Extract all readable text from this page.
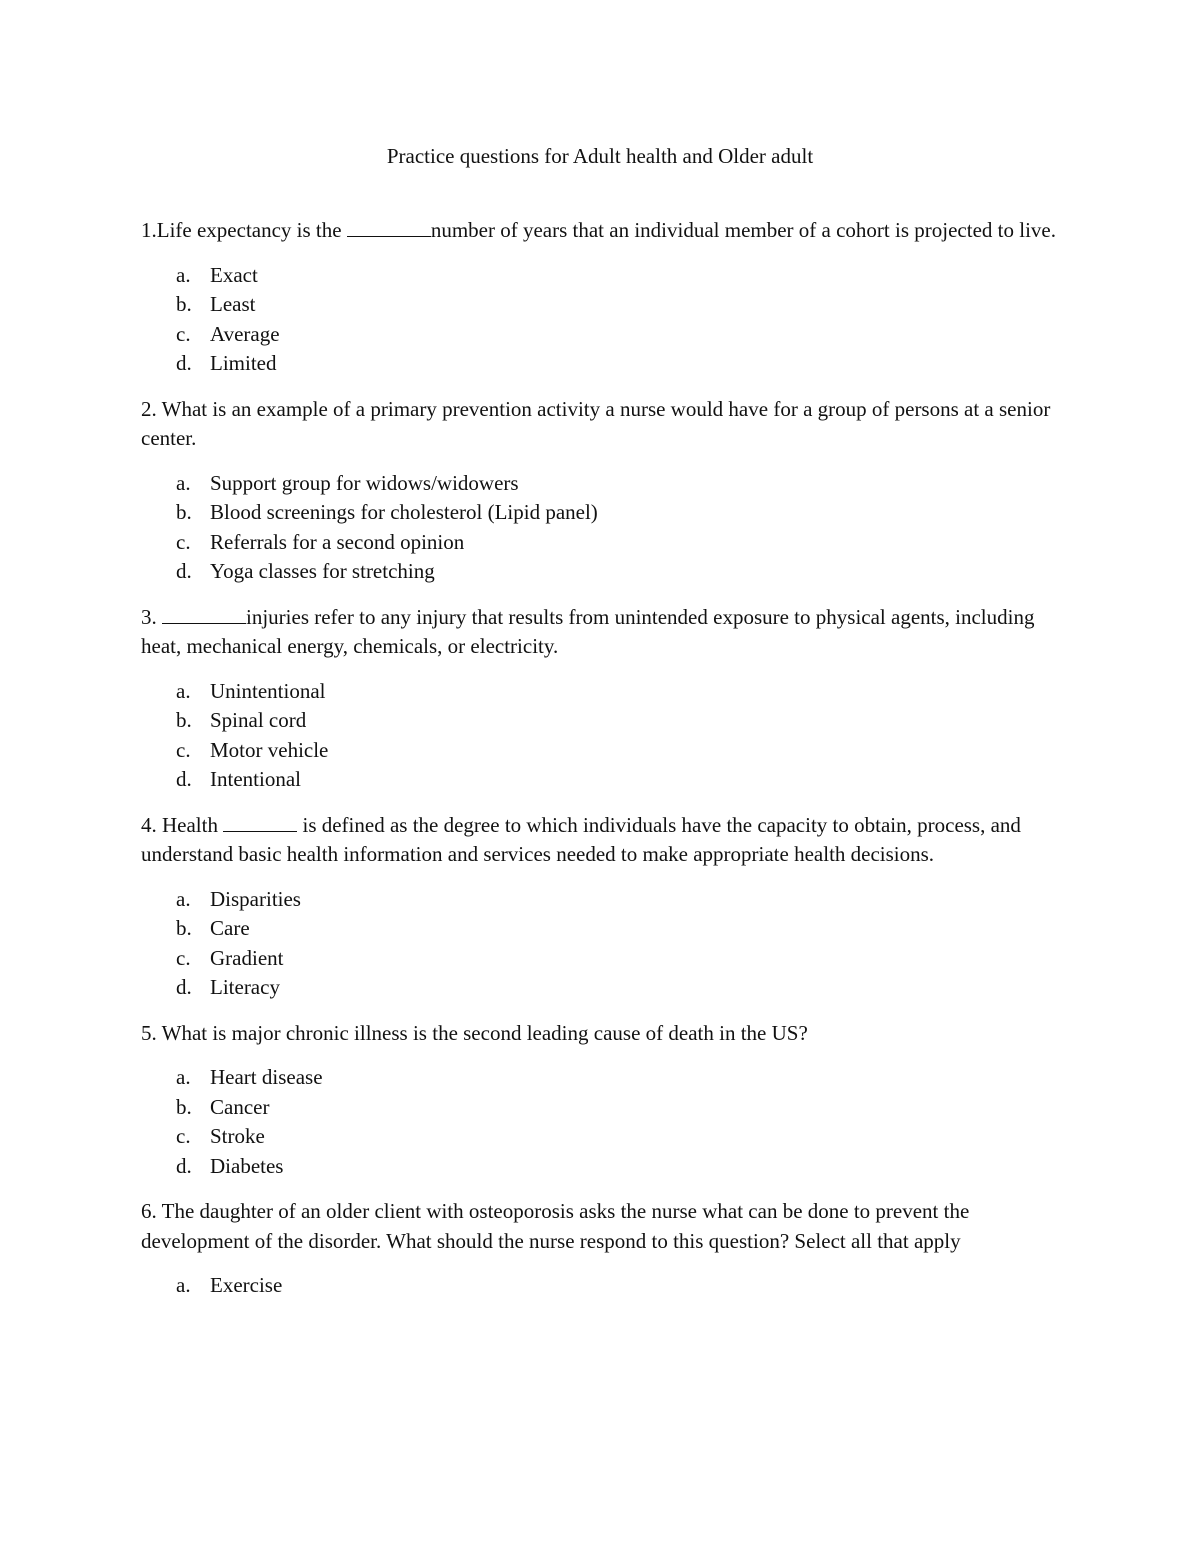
Practice questions for Adult health and Older adult

1.Life expectancy is the	number of years that an individual member of a cohort is projected to live.

a. Exact
b. Least
c. Average
d. Limited

2. What is an example of a primary prevention activity a nurse would have for a group of persons at a senior center.

a. Support group for widows/widowers
b. Blood screenings for cholesterol (Lipid panel)
c. Referrals for a second opinion
d. Yoga classes for stretching

3.	injuries refer to any injury that results from unintended exposure to physical agents, including heat, mechanical energy, chemicals, or electricity.

a. Unintentional
b. Spinal cord
c. Motor vehicle
d. Intentional

4. Health	is defined as the degree to which individuals have the capacity to obtain, process, and understand basic health information and services needed to make appropriate health decisions.

a. Disparities
b. Care
c. Gradient
d. Literacy

5. What is major chronic illness is the second leading cause of death in the US?

a. Heart disease
b. Cancer
c. Stroke
d. Diabetes

6. The daughter of an older client with osteoporosis asks the nurse what can be done to prevent the development of the disorder. What should the nurse respond to this question? Select all that apply

a. Exercise
